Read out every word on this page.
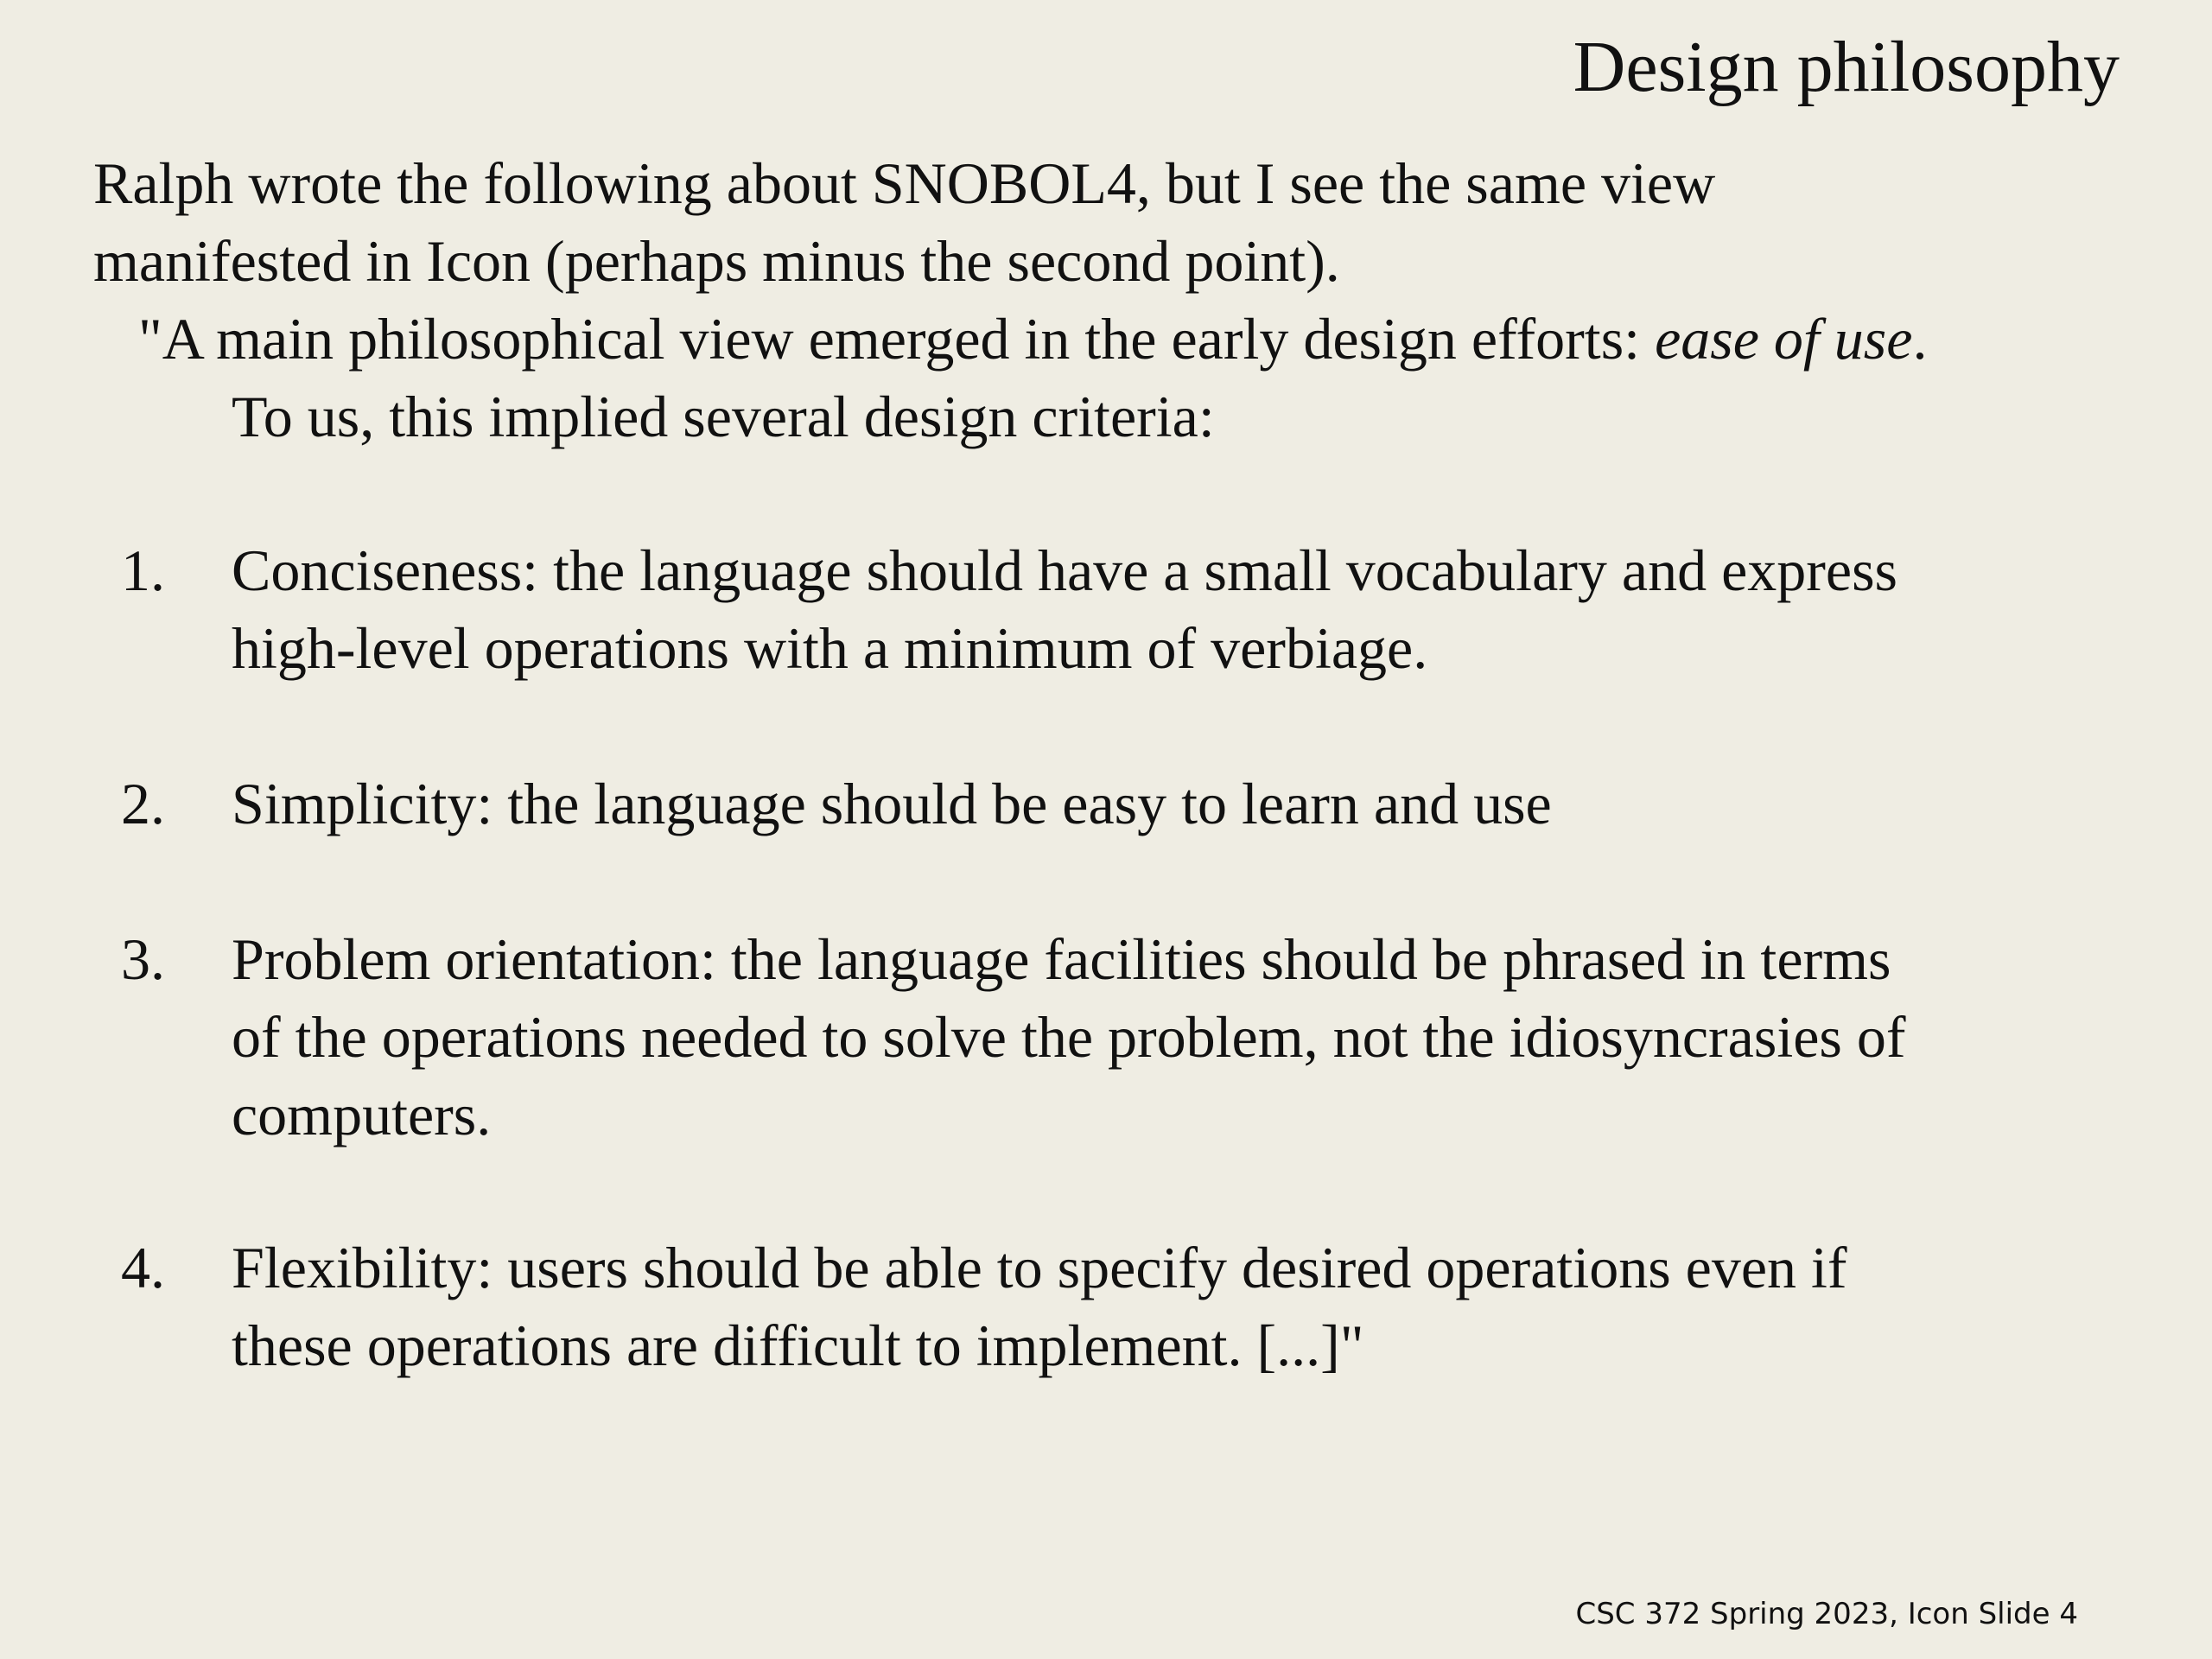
Design philosophy
Ralph wrote the following about SNOBOL4, but I see the same view
manifested in Icon (perhaps minus the second point).
"A main philosophical view emerged in the early design efforts: ease of use.
To us, this implied several design criteria:
1. Conciseness: the language should have a small vocabulary and express
high-level operations with a minimum of verbiage.
2. Simplicity: the language should be easy to learn and use
3. Problem orientation: the language facilities should be phrased in terms
of the operations needed to solve the problem, not the idiosyncrasies of
computers.
4. Flexibility: users should be able to specify desired operations even if
these operations are difficult to implement. [...]"
CSC 372 Spring 2023, Icon Slide 4
